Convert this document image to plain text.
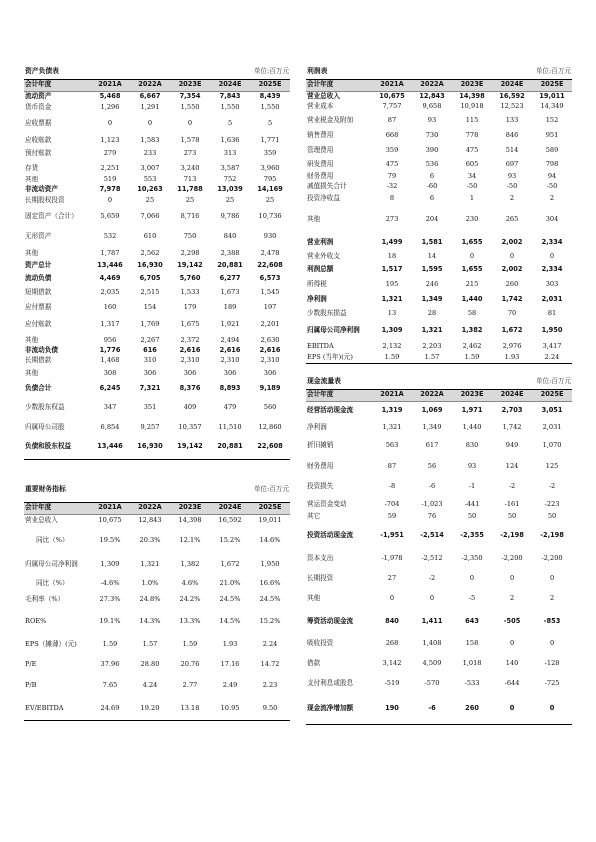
资产负债表				单位:百万元	
会计年度	2021A	2022A	2023E	2024E	2025E
流动资产	5,468	6,667	7,354	7,843	8,439
货币资金	1,296	1,291	1,550	1,550	1,550
应收票据	0	0	0	5	5
应收账款	1,123	1,583	1,578	1,636	1,771
预付账款	279	233	273	313	359
存货	2,251	3,007	3,240	3,587	3,960
其他	519	553	713	752	795
非流动资产	7,978	10,263	11,788	13,039	14,169
长期股权投资	0	25	25	25	25
固定资产（合计）	5,659	7,066	8,716	9,786	10,736
无形资产	532	610	750	840	930
其他	1,787	2,562	2,298	2,388	2,478
资产总计	13,446	16,930	19,142	20,881	22,608
流动负债	4,469	6,705	5,760	6,277	6,573
短期借款	2,035	2,515	1,533	1,673	1,545
应付票据	160	154	179	189	197
应付账款	1,317	1,769	1,675	1,921	2,201
其他	956	2,267	2,372	2,494	2,630
非流动负债	1,776	616	2,616	2,616	2,616
长期借款	1,468	310	2,310	2,310	2,310
其他	308	306	306	306	306
负债合计	6,245	7,321	8,376	8,893	9,189
少数股东权益	347	351	409	479	560
归属母公司股	6,854	9,257	10,357	11,510	12,860
负债和股东权益	13,446	16,930	19,142	20,881	22,608
重要财务指标				单位:百万元	
会计年度	2021A	2022A	2023E	2024E	2025E
营业总收入	10,675	12,843	14,398	16,592	19,011
同比（%）	19.5%	20.3%	12.1%	15.2%	14.6%
归属母公司净利润	1,309	1,321	1,382	1,672	1,950
同比（%）	-4.6%	1.0%	4.6%	21.0%	16.6%
毛利率（%）	27.3%	24.8%	24.2%	24.5%	24.5%
ROE%	19.1%	14.3%	13.3%	14.5%	15.2%
EPS（摊薄）(元)	1.59	1.57	1.59	1.93	2.24
P/E	37.96	28.80	20.76	17.16	14.72
P/B	7.65	4.24	2.77	2.49	2.23
EV/EBITDA	24.69	19.20	13.18	10.95	9.50
利润表				单位:百万元	
会计年度	2021A	2022A	2023E	2024E	2025E
营业总收入	10,675	12,843	14,398	16,592	19,011
营业成本	7,757	9,658	10,918	12,523	14,349
营业税金及附加	87	93	115	133	152
销售费用	668	730	778	846	951
管理费用	359	390	475	514	589
研发费用	475	536	605	697	798
财务费用	79	6	34	93	94
减值损失合计	-32	-60	-50	-50	-50
投资净收益	8	6	1	2	2
其他	273	204	230	265	304
营业利润	1,499	1,581	1,655	2,002	2,334
营业外收支	18	14	0	0	0
利润总额	1,517	1,595	1,655	2,002	2,334
所得税	195	246	215	260	303
净利润	1,321	1,349	1,440	1,742	2,031
少数股东损益	13	28	58	70	81
归属母公司净利润	1,309	1,321	1,382	1,672	1,950
EBITDA	2,132	2,203	2,462	2,976	3,417
EPS (当年)(元)	1.59	1.57	1.59	1.93	2.24
现金流量表				单位:百万元	
会计年度	2021A	2022A	2023E	2024E	2025E
经营活动现金流	1,319	1,069	1,971	2,703	3,051
净利润	1,321	1,349	1,440	1,742	2,031
折旧摊销	563	617	830	949	1,070
财务费用	87	56	93	124	125
投资损失	-8	-6	-1	-2	-2
营运资金变动	-704	-1,023	-441	-161	-223
其它	59	76	50	50	50
投资活动现金流	-1,951	-2,514	-2,355	-2,198	-2,198
资本支出	-1,978	-2,512	-2,350	-2,200	-2,200
长期投资	27	-2	0	0	0
其他	0	0	-5	2	2
筹资活动现金流	840	1,411	643	-505	-853
吸收投资	268	1,408	158	0	0
借款	3,142	4,509	1,018	140	-128
支付利息或股息	-519	-570	-533	-644	-725
现金流净增加额	190	-6	260	0	0
